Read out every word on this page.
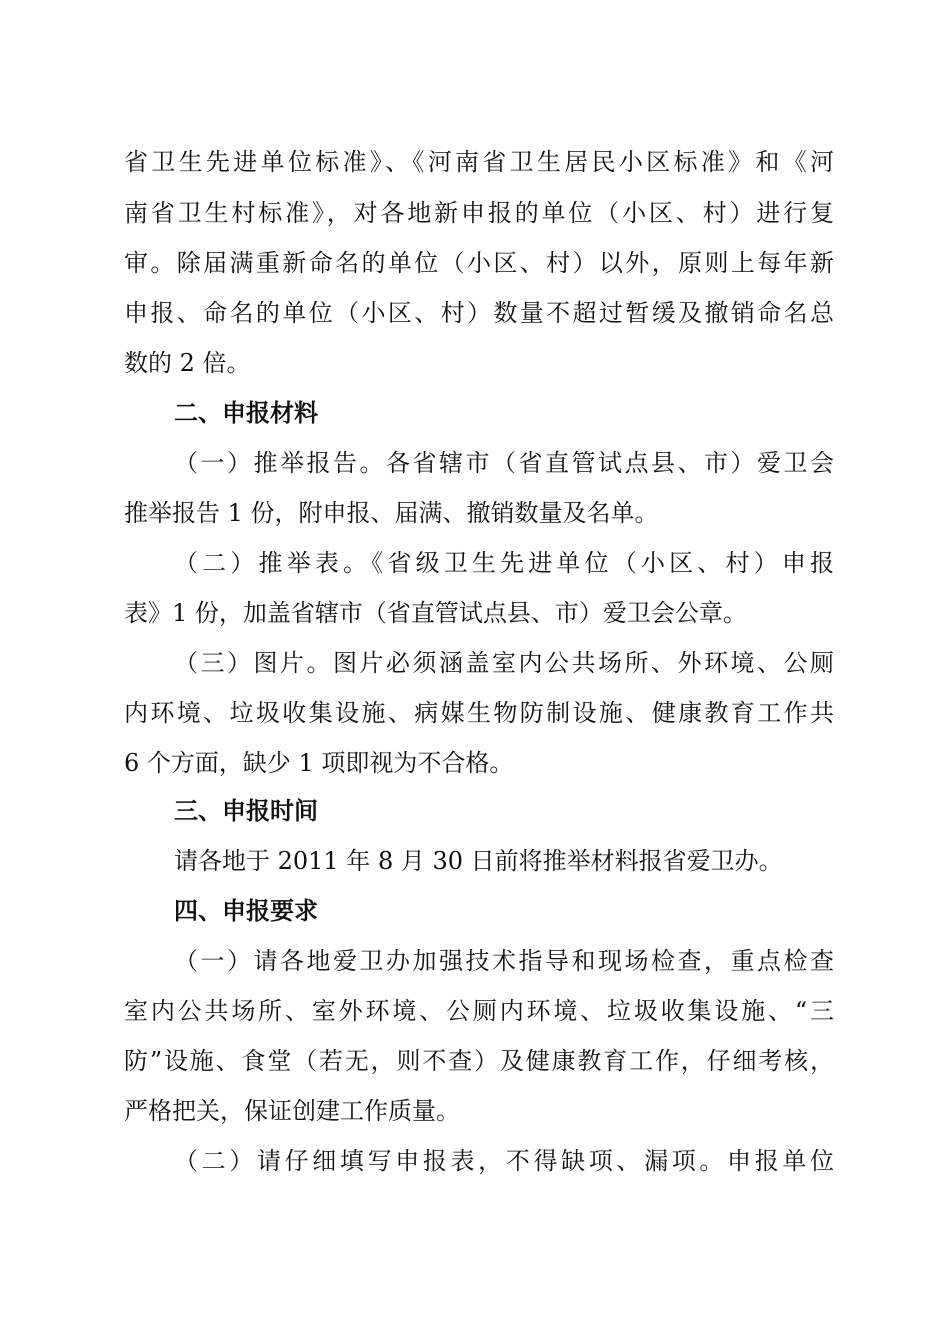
省卫生先进单位标准》、《河南省卫生居民小区标准》和《河
南省卫生村标准》，对各地新申报的单位（小区、村）进行复
审。除届满重新命名的单位（小区、村）以外，原则上每年新
申报、命名的单位（小区、村）数量不超过暂缓及撤销命名总
数的 2 倍。
二、申报材料
（一）推举报告。各省辖市（省直管试点县、市）爱卫会
推举报告 1 份，附申报、届满、撤销数量及名单。
（二）推举表。《省级卫生先进单位（小区、村）申报
表》1 份，加盖省辖市（省直管试点县、市）爱卫会公章。
（三）图片。图片必须涵盖室内公共场所、外环境、公厕
内环境、垃圾收集设施、病媒生物防制设施、健康教育工作共
6 个方面，缺少 1 项即视为不合格。
三、申报时间
请各地于 2011 年 8 月 30 日前将推举材料报省爱卫办。
四、申报要求
（一）请各地爱卫办加强技术指导和现场检查，重点检查
室内公共场所、室外环境、公厕内环境、垃圾收集设施、“三
防”设施、食堂（若无，则不查）及健康教育工作，仔细考核，
严格把关，保证创建工作质量。
（二）请仔细填写申报表，不得缺项、漏项。申报单位
